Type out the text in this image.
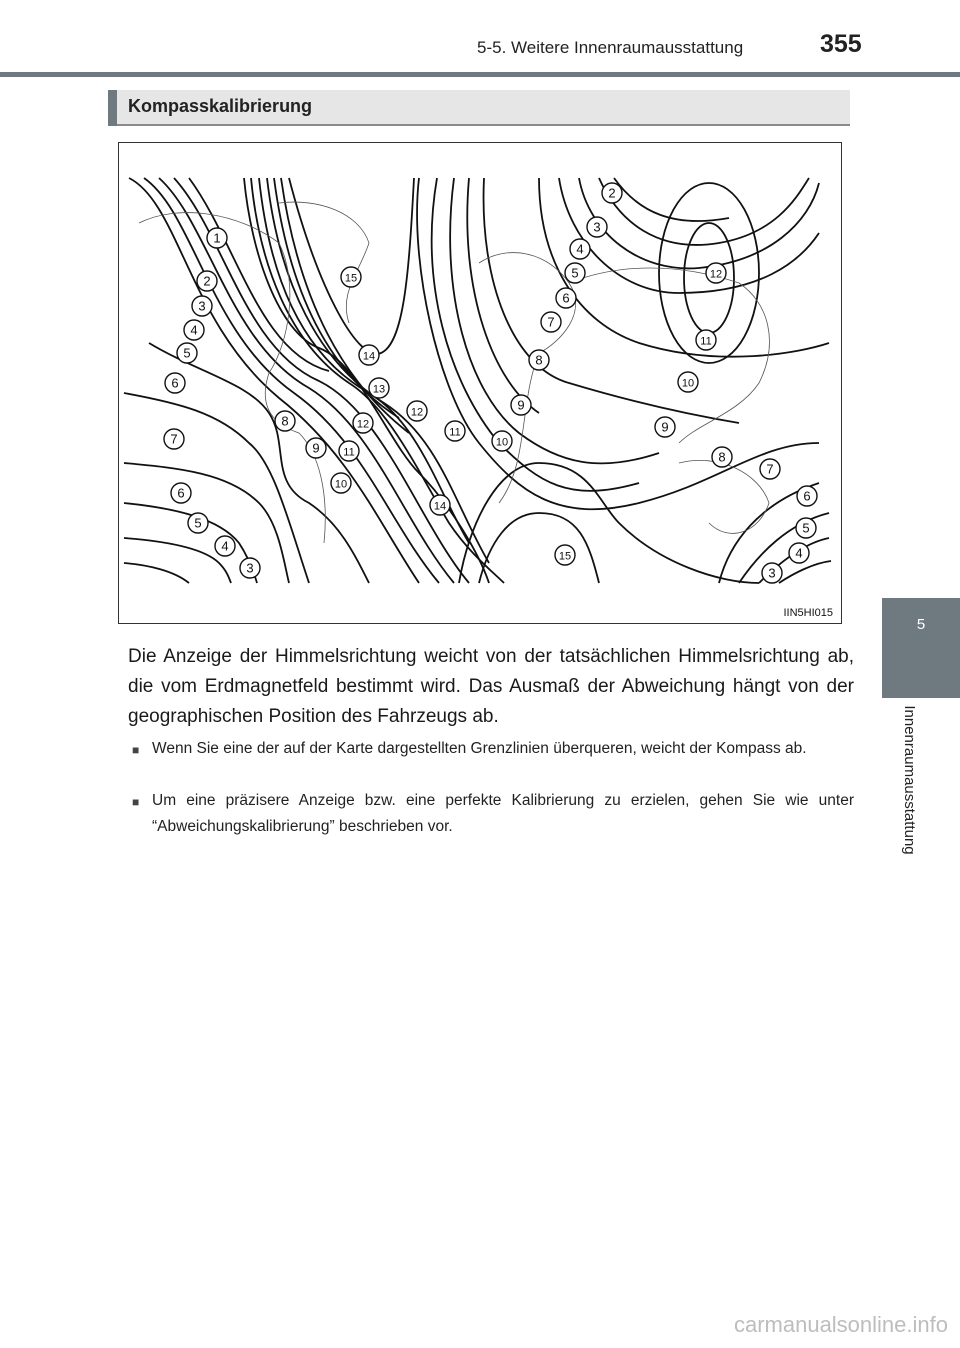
5-5. Weitere Innenraumausstattung	355
5
Innenraumausstattung
Kompasskalibrierung
1
2
3
4
5
6
7
6
5
4
3
8
9
10
11
12
13
14
15
12
11
10
9
8
7
6
5
4
3
2
14
15
12
11
10
9
8
7
6
5
4
3
IIN5HI015
Die Anzeige der Himmelsrichtung weicht von der tatsächlichen Himmelsrichtung ab, die vom Erdmagnetfeld bestimmt wird. Das Ausmaß der Abweichung hängt von der geographischen Position des Fahrzeugs ab.
■ Wenn Sie eine der auf der Karte dargestellten Grenzlinien überqueren, weicht der Kompass ab.
■ Um eine präzisere Anzeige bzw. eine perfekte Kalibrierung zu erzielen, gehen Sie wie unter “Abweichungskalibrierung” beschrieben vor.
carmanualsonline.info
